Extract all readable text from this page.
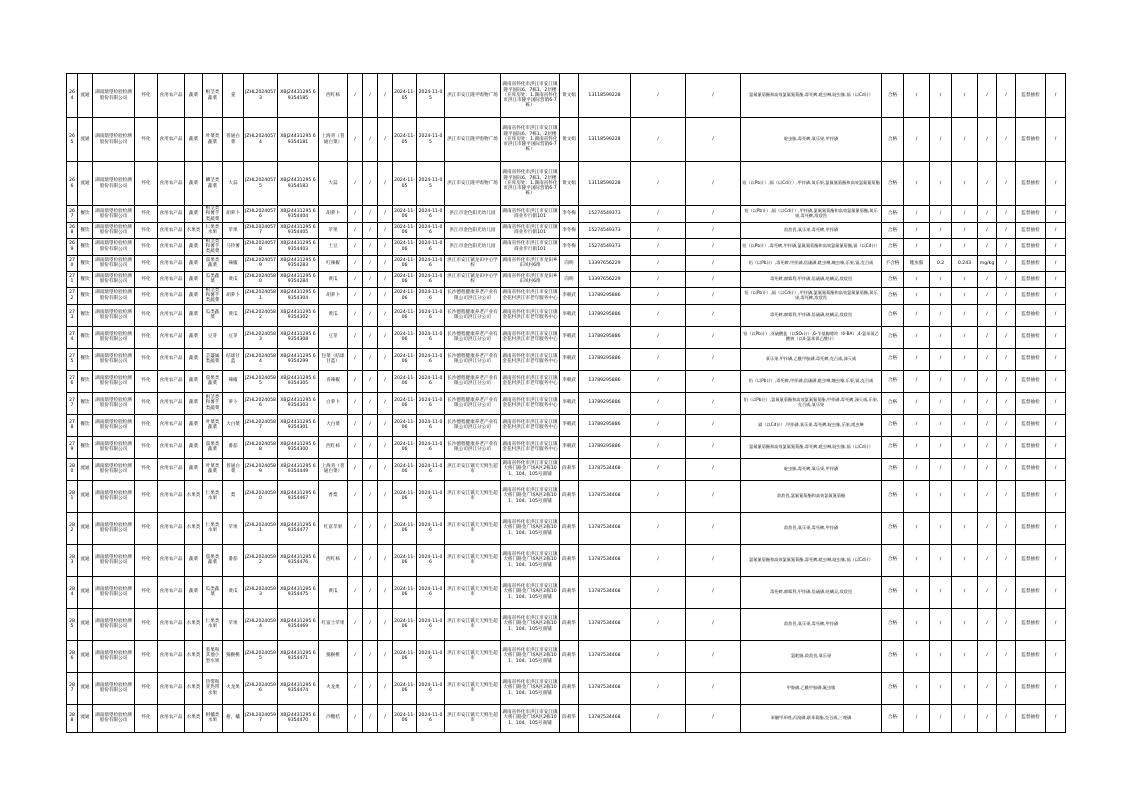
264	流通	湖南鼎望检验检测股份有限公司	怀化	食用农产品	蔬菜	根茎类蔬菜	姜	JZHL20240573	XBJ24431295 69354185	西红柿	/	/	/	2024-11-05	2024-11-05	洪江市安江隆平购物广场	湖南省怀化市洪江市安江镇隆平国际6、7栋1、2层楼（在库房处：1.湖南省怀化市洪江市隆平国际营销6-7栋）	黄文娟	13118599228	/	/	氯氟氰菊酯和高效氯氟氰菊酯,毒死蜱,吡虫啉,啶虫脒,镉（以Cd计）	合格	/	/	/	/	/	监督抽检	/
265	流通	湖南鼎望检验检测股份有限公司	怀化	食用农产品	蔬菜	叶菜类蔬菜	普通白菜	JZHL20240574	XBJ24431295 69354181	上海青（普通白菜）	/	/	/	2024-11-05	2024-11-05	洪江市安江隆平购物广场	湖南省怀化市洪江市安江镇隆平国际6、7栋1、2层楼（在库房处：1.湖南省怀化市洪江市隆平国际营销6-7栋）	黄文娟	13118599228	/	/	啶虫脒,毒死蜱,氧乐果,甲拌磷	合格	/	/	/	/	/	监督抽检	/
266	流通	湖南鼎望检验检测股份有限公司	怀化	食用农产品	蔬菜	鳞茎类蔬菜	大蒜	JZHL20240575	XBJ24431295 69354183	大蒜	/	/	/	2024-11-05	2024-11-05	洪江市安江隆平购物广场	湖南省怀化市洪江市安江镇隆平国际6、7栋1、2层楼（在库房处：1.湖南省怀化市洪江市隆平国际营销6-7栋）	黄文娟	13118599228	/	/	铅（以Pb计）,镉（以Cd计）,甲拌磷,氧乐果,氯氟氰菊酯和高效氯氟氰菊酯	合格	/	/	/	/	/	监督抽检	/
267	餐饮	湖南鼎望检验检测股份有限公司	怀化	食用农产品	蔬菜	根茎类和薯芋类蔬菜	胡萝卜	JZHL20240576	XBJ24431295 69354404	胡萝卜	/	/	/	2024-11-06	2024-11-06	洪江市金色阳光幼儿园	湖南省怀化市洪江市安江镇商业步行街101	李冬梅	15274549373	/	/	铅（以Pb计）,镉（以Cd计）,甲拌磷,氯氟氰菊酯和高效氯氟氰菊酯,氧乐果,毒死蜱,敌敌畏	合格	/	/	/	/	/	监督抽检	/
268	餐饮	湖南鼎望检验检测股份有限公司	怀化	食用农产品	水果类	仁果类水果	苹果	JZHL20240577	XBJ24431295 69354405	苹果	/	/	/	2024-11-06	2024-11-06	洪江市金色阳光幼儿园	湖南省怀化市洪江市安江镇商业步行街101	李冬梅	15274549373	/	/	敌敌畏,氧乐果,毒死蜱,甲拌磷	合格	/	/	/	/	/	监督抽检	/
269	餐饮	湖南鼎望检验检测股份有限公司	怀化	食用农产品	蔬菜	根茎类和薯芋类蔬菜	马铃薯	JZHL20240578	XBJ24431295 69354403	土豆	/	/	/	2024-11-06	2024-11-06	洪江市金色阳光幼儿园	湖南省怀化市洪江市安江镇商业步行街101	李冬梅	15274549373	/	/	铅（以Pb计）,毒死蜱,甲拌磷,氯氟氰菊酯和高效氯氟氰菊酯,镉（以Cd计）	合格	/	/	/	/	/	监督抽检	/
270	餐饮	湖南鼎望检验检测股份有限公司	怀化	食用农产品	蔬菜	茄果类蔬菜	辣椒	JZHL20240579	XBJ24431295 69354283	红辣椒	/	/	/	2024-11-06	2024-11-06	洪江市安江镇龙田中心学校	湖南省怀化市洪江市龙田乡东风村6组	向明	13397656229	/	/	铅（以Pb计）,毒死蜱,甲拌磷,倍硫磷,吡虫啉,噻虫嗪,乐果,镉,克百威	不合格	噻虫胺	0.2	0.243	mg/kg	/	监督抽检	/
271	餐饮	湖南鼎望检验检测股份有限公司	怀化	食用农产品	蔬菜	瓜类蔬菜	黄瓜	JZHL20240580	XBJ24431295 69354284	黄瓜	/	/	/	2024-11-06	2024-11-06	洪江市安江镇龙田中心学校	湖南省怀化市洪江市龙田乡东风村6组	向明	13397656229	/	/	毒死蜱,腐霉利,甲拌磷,倍硫磷,哒螨灵,敌敌畏	合格	/	/	/	/	/	监督抽检	/
272	餐饮	湖南鼎望检验检测股份有限公司	怀化	食用农产品	蔬菜	根茎类和薯芋类蔬菜	胡萝卜	JZHL20240581	XBJ24431295 69354304	胡萝卜	/	/	/	2024-11-06	2024-11-06	长沙德程健康养老产业有限公司洪江分公司	湖南省怀化市洪江市安江镇金花村洪江市老年服务中心	李朝武	13789295886	/	/	铅（以Pb计）,镉（以Cd计）,甲拌磷,氯氟氰菊酯和高效氯氟氰菊酯,氧乐果,毒死蜱,敌敌畏	合格	/	/	/	/	/	监督抽检	/
273	餐饮	湖南鼎望检验检测股份有限公司	怀化	食用农产品	蔬菜	瓜类蔬菜	黄瓜	JZHL20240582	XBJ24431295 69354302	黄瓜	/	/	/	2024-11-06	2024-11-06	长沙德程健康养老产业有限公司洪江分公司	湖南省怀化市洪江市安江镇金花村洪江市老年服务中心	李朝武	13789295886	/	/	毒死蜱,腐霉利,甲拌磷,倍硫磷,哒螨灵,敌敌畏	合格	/	/	/	/	/	监督抽检	/
274	餐饮	湖南鼎望检验检测股份有限公司	怀化	食用农产品	蔬菜	豆芽	豆芽	JZHL20240583	XBJ24431295 69354308	豆芽	/	/	/	2024-11-06	2024-11-06	长沙德程健康养老产业有限公司洪江分公司	湖南省怀化市洪江市安江镇金花村洪江市老年服务中心	李朝武	13789295886	/	/	铅（以Pb计）,亚硫酸盐（以SO₂计）,6-苄基腺嘌呤（6-BA）,4-氯苯氧乙酸钠（以4-氯苯氧乙酸计）	合格	/	/	/	/	/	监督抽检	/
275	餐饮	湖南鼎望检验检测股份有限公司	怀化	食用农产品	蔬菜	芸薹属类蔬菜	结球甘蓝	JZHL20240584	XBJ24431295 69354299	包菜（结球甘蓝）	/	/	/	2024-11-06	2024-11-06	长沙德程健康养老产业有限公司洪江分公司	湖南省怀化市洪江市安江镇金花村洪江市老年服务中心	李朝武	13789295886	/	/	氧乐果,甲拌磷,乙酰甲胺磷,毒死蜱,克百威,涕灭威	合格	/	/	/	/	/	监督抽检	/
276	餐饮	湖南鼎望检验检测股份有限公司	怀化	食用农产品	蔬菜	茄果类蔬菜	辣椒	JZHL20240585	XBJ24431295 69354305	青辣椒	/	/	/	2024-11-06	2024-11-06	长沙德程健康养老产业有限公司洪江分公司	湖南省怀化市洪江市安江镇金花村洪江市老年服务中心	李朝武	13789295886	/	/	铅（以Pb计）,毒死蜱,甲拌磷,倍硫磷,吡虫啉,噻虫嗪,乐果,镉,克百威	合格	/	/	/	/	/	监督抽检	/
277	餐饮	湖南鼎望检验检测股份有限公司	怀化	食用农产品	蔬菜	根茎类和薯芋类蔬菜	萝卜	JZHL20240586	XBJ24431295 69354303	白萝卜	/	/	/	2024-11-06	2024-11-06	长沙德程健康养老产业有限公司洪江分公司	湖南省怀化市洪江市安江镇金花村洪江市老年服务中心	李朝武	13789295886	/	/	铅（以Pb计）,氯氟氰菊酯和高效氯氟氰菊酯,甲拌磷,毒死蜱,涕灭威,乐果,克百威,氧乐果	合格	/	/	/	/	/	监督抽检	/
278	餐饮	湖南鼎望检验检测股份有限公司	怀化	食用农产品	蔬菜	叶菜类蔬菜	大白菜	JZHL20240587	XBJ24431295 69354301	大白菜	/	/	/	2024-11-06	2024-11-06	长沙德程健康养老产业有限公司洪江分公司	湖南省怀化市洪江市安江镇金花村洪江市老年服务中心	李朝武	13789295886	/	/	镉（以Cd计）,甲拌磷,氧乐果,毒死蜱,啶虫脒,乐果,吡虫啉	合格	/	/	/	/	/	监督抽检	/
279	餐饮	湖南鼎望检验检测股份有限公司	怀化	食用农产品	蔬菜	茄果类蔬菜	番茄	JZHL20240588	XBJ24431295 69354300	西红柿	/	/	/	2024-11-06	2024-11-06	长沙德程健康养老产业有限公司洪江分公司	湖南省怀化市洪江市安江镇金花村洪江市老年服务中心	李朝武	13789295886	/	/	氯氟氰菊酯和高效氯氟氰菊酯,毒死蜱,吡虫啉,啶虫脒,镉（以Cd计）	合格	/	/	/	/	/	监督抽检	/
280	流通	湖南鼎望检验检测股份有限公司	怀化	食用农产品	蔬菜	叶菜类蔬菜	普通白菜	JZHL20240589	XBJ24431295 69354449	上海青（普通白菜）	/	/	/	2024-11-06	2024-11-06	洪江市安江镇天天鲜生超市	湖南省怀化市洪江市安江镇大桥门路金广场A区2栋101、104、105号商铺	段莉华	13787534468	/	/	啶虫脒,毒死蜱,氧乐果,甲拌磷	合格	/	/	/	/	/	监督抽检	/
281	流通	湖南鼎望检验检测股份有限公司	怀化	食用农产品	水果类	仁果类水果	梨	JZHL20240590	XBJ24431295 69354467	香梨	/	/	/	2024-11-06	2024-11-06	洪江市安江镇天天鲜生超市	湖南省怀化市洪江市安江镇大桥门路金广场A区2栋101、104、105号商铺	段莉华	13787534468	/	/	敌敌畏,氯氟氰菊酯和高效氯氟氰菊酯	合格	/	/	/	/	/	监督抽检	/
282	流通	湖南鼎望检验检测股份有限公司	怀化	食用农产品	水果类	仁果类水果	苹果	JZHL20240591	XBJ24431295 69354477	红富苹果	/	/	/	2024-11-06	2024-11-06	洪江市安江镇天天鲜生超市	湖南省怀化市洪江市安江镇大桥门路金广场A区2栋101、104、105号商铺	段莉华	13787534468	/	/	敌敌畏,氧乐果,毒死蜱,甲拌磷	合格	/	/	/	/	/	监督抽检	/
283	流通	湖南鼎望检验检测股份有限公司	怀化	食用农产品	蔬菜	茄果类蔬菜	番茄	JZHL20240592	XBJ24431295 69354476	西红柿	/	/	/	2024-11-06	2024-11-06	洪江市安江镇天天鲜生超市	湖南省怀化市洪江市安江镇大桥门路金广场A区2栋101、104、105号商铺	段莉华	13787534468	/	/	氯氟氰菊酯和高效氯氟氰菊酯,毒死蜱,吡虫啉,啶虫脒,镉（以Cd计）	合格	/	/	/	/	/	监督抽检	/
284	流通	湖南鼎望检验检测股份有限公司	怀化	食用农产品	蔬菜	瓜类蔬菜	黄瓜	JZHL20240593	XBJ24431295 69354475	黄瓜	/	/	/	2024-11-06	2024-11-06	洪江市安江镇天天鲜生超市	湖南省怀化市洪江市安江镇大桥门路金广场A区2栋101、104、105号商铺	段莉华	13787534468	/	/	毒死蜱,腐霉利,甲拌磷,倍硫磷,哒螨灵,敌敌畏	合格	/	/	/	/	/	监督抽检	/
285	流通	湖南鼎望检验检测股份有限公司	怀化	食用农产品	水果类	仁果类水果	苹果	JZHL20240594	XBJ24431295 69354469	红富士苹果	/	/	/	2024-11-06	2024-11-06	洪江市安江镇天天鲜生超市	湖南省怀化市洪江市安江镇大桥门路金广场A区2栋101、104、105号商铺	段莉华	13787534468	/	/	敌敌畏,氧乐果,毒死蜱,甲拌磷	合格	/	/	/	/	/	监督抽检	/
286	流通	湖南鼎望检验检测股份有限公司	怀化	食用农产品	水果类	浆果和其他小型水果	猕猴桃	JZHL20240595	XBJ24431295 69354471	猕猴桃	/	/	/	2024-11-06	2024-11-06	洪江市安江镇天天鲜生超市	湖南省怀化市洪江市安江镇大桥门路金广场A区2栋101、104、105号商铺	段莉华	13787534468	/	/	氯吡脲,敌敌畏,氧乐果	合格	/	/	/	/	/	监督抽检	/
287	流通	湖南鼎望检验检测股份有限公司	怀化	食用农产品	水果类	热带和亚热带水果	火龙果	JZHL20240596	XBJ24431295 69354474	火龙果	/	/	/	2024-11-06	2024-11-06	洪江市安江镇天天鲜生超市	湖南省怀化市洪江市安江镇大桥门路金广场A区2栋101、104、105号商铺	段莉华	13787534468	/	/	甲胺磷,乙酰甲胺磷,氟虫腈	合格	/	/	/	/	/	监督抽检	/
288	流通	湖南鼎望检验检测股份有限公司	怀化	食用农产品	水果类	柑橘类水果	柑、橘	JZHL20240597	XBJ24431295 69354470	沙糖桔	/	/	/	2024-11-06	2024-11-06	洪江市安江镇天天鲜生超市	湖南省怀化市洪江市安江镇大桥门路金广场A区2栋101、104、105号商铺	段莉华	13787534468	/	/	苯醚甲环唑,丙溴磷,联苯菊酯,克百威,三唑磷	合格	/	/	/	/	/	监督抽检	/
